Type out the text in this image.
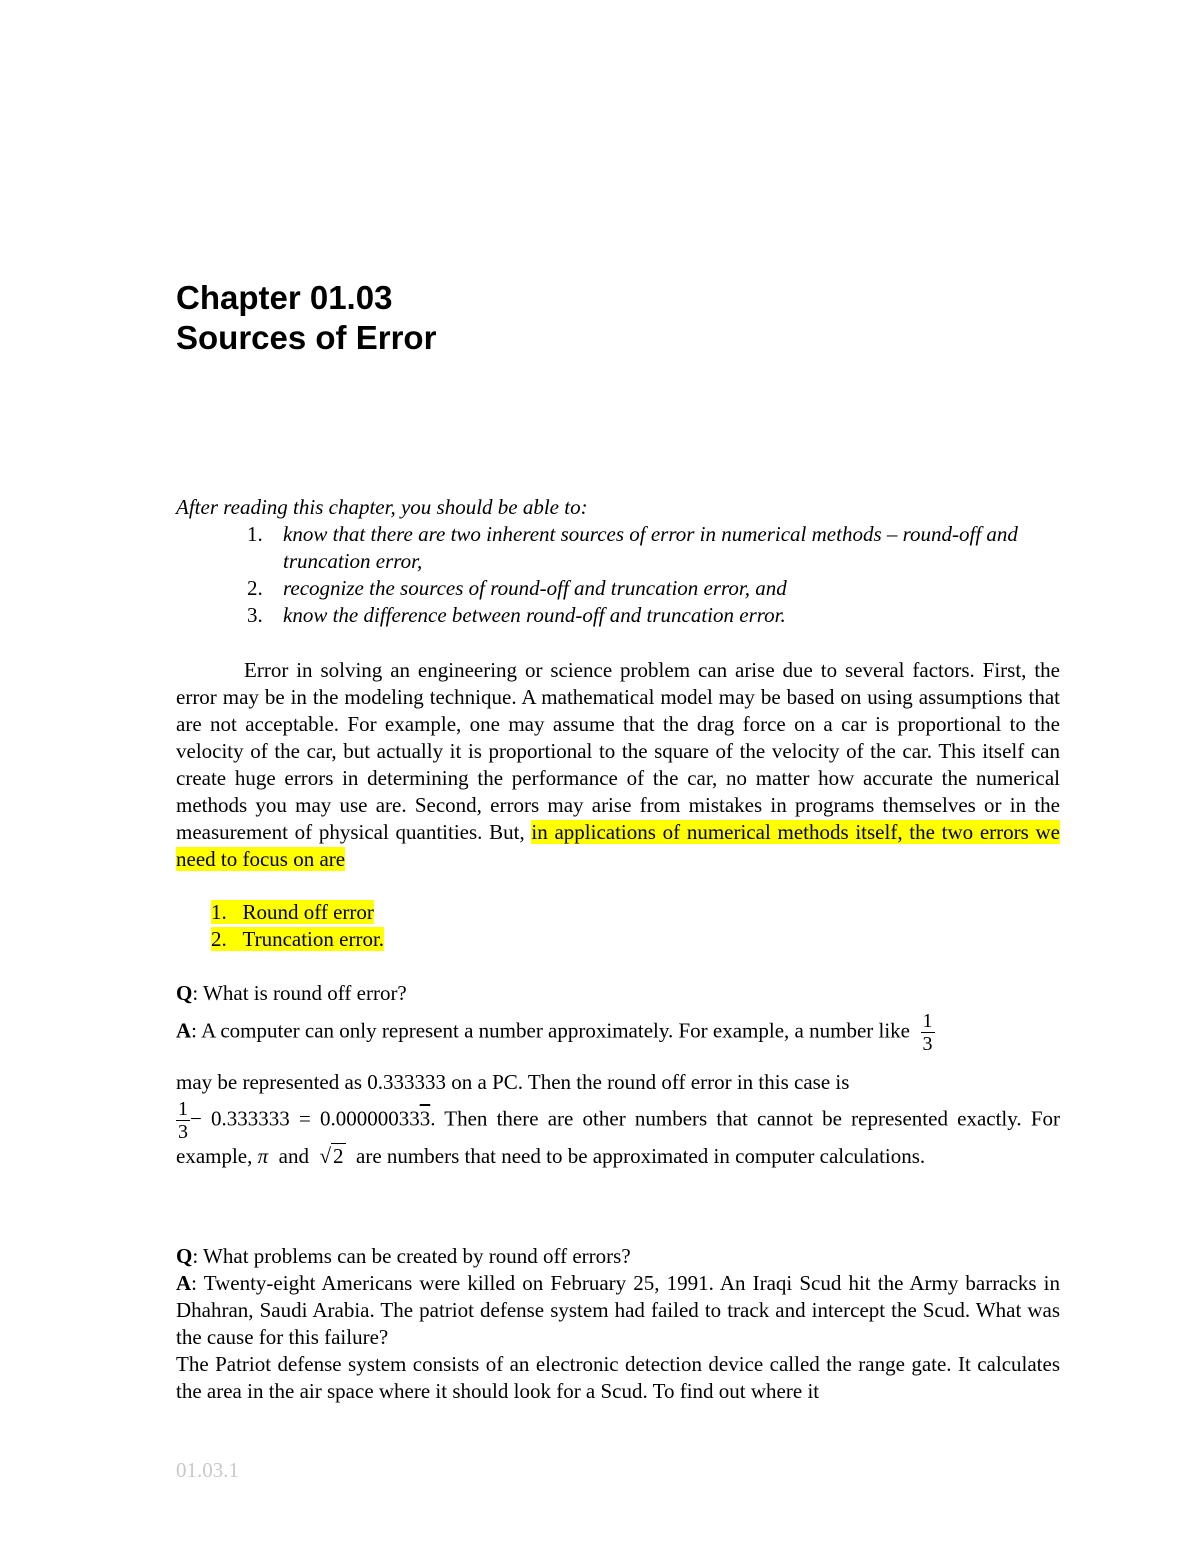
Chapter 01.03
Sources of Error

After reading this chapter, you should be able to:

1. know that there are two inherent sources of error in numerical methods – round-off and truncation error,
2. recognize the sources of round-off and truncation error, and
3. know the difference between round-off and truncation error.

Error in solving an engineering or science problem can arise due to several factors. First, the error may be in the modeling technique. A mathematical model may be based on using assumptions that are not acceptable. For example, one may assume that the drag force on a car is proportional to the velocity of the car, but actually it is proportional to the square of the velocity of the car. This itself can create huge errors in determining the performance of the car, no matter how accurate the numerical methods you may use are. Second, errors may arise from mistakes in programs themselves or in the measurement of physical quantities. But, in applications of numerical methods itself, the two errors we need to focus on are

1. Round off error
2. Truncation error.

Q: What is round off error?

A: A computer can only represent a number approximately. For example, a number like $\frac{1}{3}$

may be represented as 0.333333 on a PC. Then the round off error in this case is

$\frac{1}{3} - 0.333333 = 0.000000333$. Then there are other numbers that cannot be represented exactly. For example, π and √2 are numbers that need to be approximated in computer calculations.

Q: What problems can be created by round off errors?

A: Twenty-eight Americans were killed on February 25, 1991. An Iraqi Scud hit the Army barracks in Dhahran, Saudi Arabia. The patriot defense system had failed to track and intercept the Scud. What was the cause for this failure?
The Patriot defense system consists of an electronic detection device called the range gate. It calculates the area in the air space where it should look for a Scud. To find out where it

01.03.1
